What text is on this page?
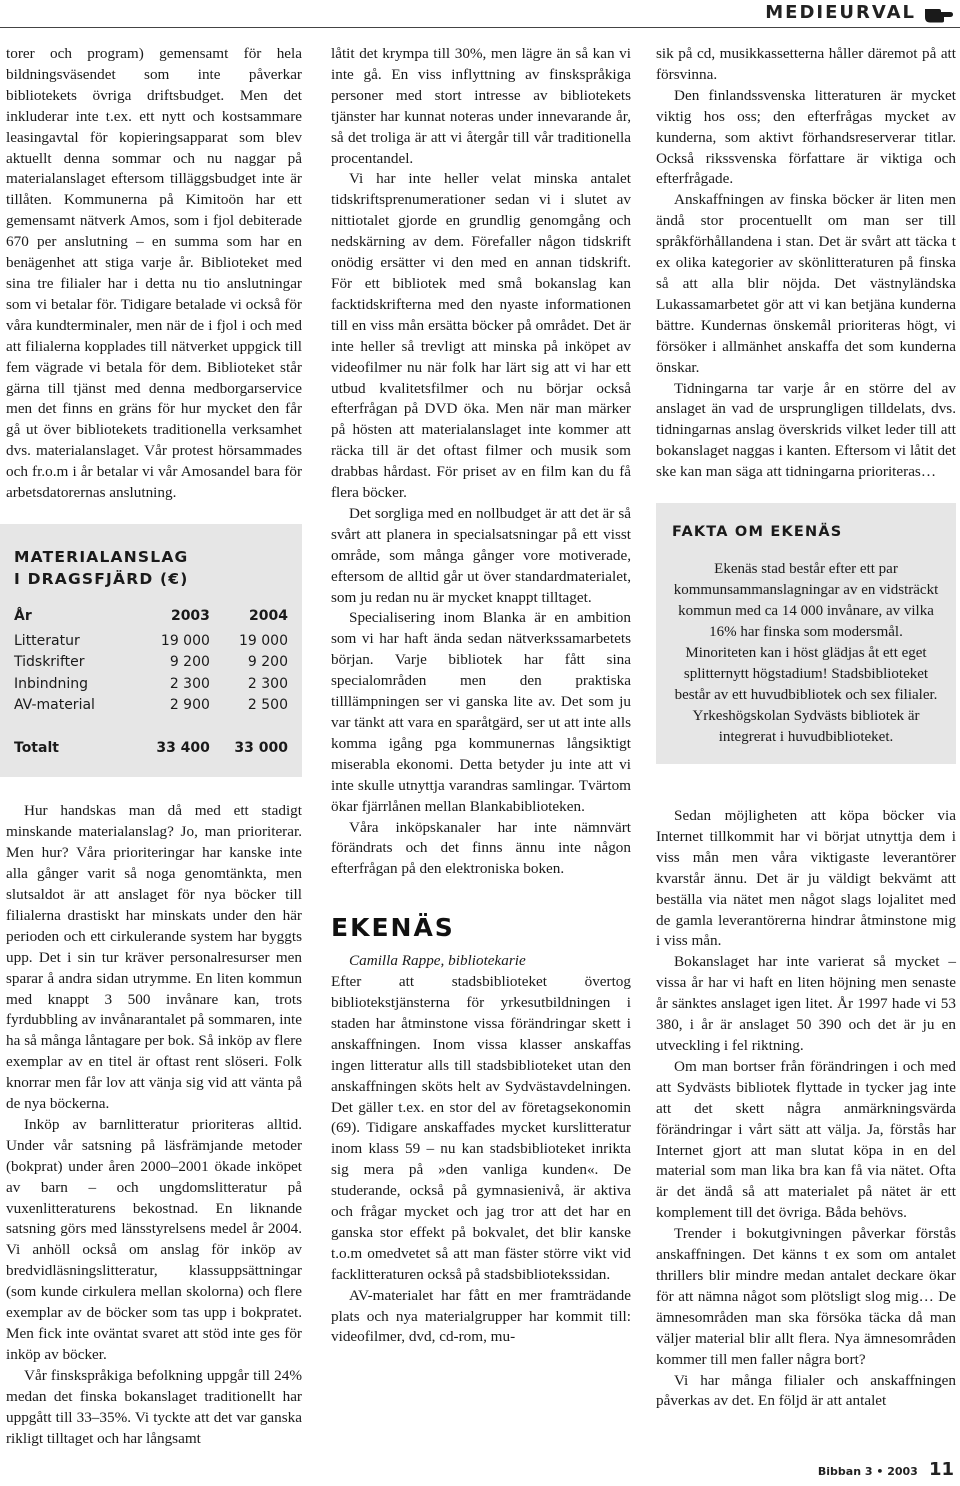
MEDIEURVAL

torer och program) gemensamt för hela bildningsväsendet som inte påverkar bibliotekets övriga driftsbudget. Men det inkluderar inte t.ex. ett nytt och kostsammare leasingavtal för kopieringsapparat som blev aktuellt denna sommar och nu naggar på materialanslaget eftersom tilläggsbudget inte är tillåten. Kommunerna på Kimitoön har ett gemensamt nätverk Amos, som i fjol debiterade 670 per anslutning – en summa som har en benägenhet att stiga varje år. Biblioteket med sina tre filialer har i detta nu tio anslutningar som vi betalar för. Tidigare betalade vi också för våra kundterminaler, men när de i fjol i och med att filialerna kopplades till nätverket uppgick till fem vägrade vi betala för dem. Biblioteket står gärna till tjänst med denna medborgarservice men det finns en gräns för hur mycket den får gå ut över bibliotekets traditionella verksamhet dvs. materialanslaget. Vår protest hörsammades och fr.o.m i år betalar vi vår Amosandel bara för arbetsdatorernas anslutning.

MATERIALANSLAG
I DRAGSFJÄRD (€)
År	2003	2004
Litteratur	19 000	19 000
Tidskrifter	9 200	9 200
Inbindning	2 300	2 300
AV-material	2 900	2 500
Totalt	33 400	33 000

Hur handskas man då med ett stadigt minskande materialanslag? Jo, man prioriterar. Men hur? Våra prioriteringar har kanske inte alla gånger varit så noga genomtänkta, men slutsaldot är att anslaget för nya böcker till filialerna drastiskt har minskats under den här perioden och ett cirkulerande system har byggts upp. Det i sin tur kräver personalresurser men sparar å andra sidan utrymme. En liten kommun med knappt 3 500 invånare kan, trots fyrdubbling av invånarantalet på sommaren, inte ha så många låntagare per bok. Så inköp av flere exemplar av en titel är oftast rent slöseri. Folk knorrar men får lov att vänja sig vid att vänta på de nya böckerna.

Inköp av barnlitteratur prioriteras alltid. Under vår satsning på läsfrämjande metoder (bokprat) under åren 2000–2001 ökade inköpet av barn – och ungdomslitteratur på vuxenlitteraturens bekostnad. En liknande satsning görs med länsstyrelsens medel år 2004. Vi anhöll också om anslag för inköp av bredvidläsningslitteratur, klassuppsättningar (som kunde cirkulera mellan skolorna) och flere exemplar av de böcker som tas upp i bokpratet. Men fick inte oväntat svaret att stöd inte ges för inköp av böcker.

Vår finskspråkiga befolkning uppgår till 24% medan det finska bokanslaget traditionellt har uppgått till 33–35%. Vi tyckte att det var ganska rikligt tilltaget och har långsamt

låtit det krympa till 30%, men lägre än så kan vi inte gå. En viss inflyttning av finskspråkiga personer med stort intresse av bibliotekets tjänster har kunnat noteras under innevarande år, så det troliga är att vi återgår till vår traditionella procentandel.

Vi har inte heller velat minska antalet tidskriftsprenumerationer sedan vi i slutet av nittiotalet gjorde en grundlig genomgång och nedskärning av dem. Förefaller någon tidskrift onödig ersätter vi den med en annan tidskrift. För ett bibliotek med små bokanslag kan facktidskrifterna med den nyaste informationen till en viss mån ersätta böcker på området. Det är inte heller så trevligt att minska på inköpet av videofilmer nu när folk har lärt sig att vi har ett utbud kvalitetsfilmer och nu börjar också efterfrågan på DVD öka. Men när man märker på hösten att materialanslaget inte kommer att räcka till är det oftast filmer och musik som drabbas hårdast. För priset av en film kan du få flera böcker.

Det sorgliga med en nollbudget är att det är så svårt att planera in specialsatsningar på ett visst område, som många gånger vore motiverade, eftersom de alltid går ut över standardmaterialet, som ju redan nu är mycket knappt tilltaget.

Specialisering inom Blanka är en ambition som vi har haft ända sedan nätverkssamarbetets början. Varje bibliotek har fått sina specialområden men den praktiska tilllämpningen ser vi ganska lite av. Det som ju var tänkt att vara en sparåtgärd, ser ut att inte alls komma igång pga kommunernas långsiktigt miserabla ekonomi. Detta betyder ju inte att vi inte skulle utnyttja varandras samlingar. Tvärtom ökar fjärrlånen mellan Blankabiblioteken.

Våra inköpskanaler har inte nämnvärt förändrats och det finns ännu inte någon efterfrågan på den elektroniska boken.

EKENÄS

Camilla Rappe, bibliotekarie

Efter att stadsbiblioteket övertog bibliotekstjänsterna för yrkesutbildningen i staden har åtminstone vissa förändringar skett i anskaffningen. Inom vissa klasser anskaffas ingen litteratur alls till stadsbiblioteket utan den anskaffningen sköts helt av Sydvästavdelningen. Det gäller t.ex. en stor del av företagsekonomin (69). Tidigare anskaffades mycket kurslitteratur inom klass 59 – nu kan stadsbiblioteket inrikta sig mera på »den vanliga kunden«. De studerande, också på gymnasienivå, är aktiva och frågar mycket och jag tror att det har en ganska stor effekt på bokvalet, det blir kanske t.o.m omedvetet så att man fäster större vikt vid facklitteraturen också på stadsbibliotekssidan.

AV-materialet har fått en mer framträdande plats och nya materialgrupper har kommit till: videofilmer, dvd, cd-rom, mu-

sik på cd, musikkassetterna håller däremot på att försvinna.

Den finlandssvenska litteraturen är mycket viktig hos oss; den efterfrågas mycket av kunderna, som aktivt förhandsreserverar titlar. Också rikssvenska författare är viktiga och efterfrågade.

Anskaffningen av finska böcker är liten men ändå stor procentuellt om man ser till språkförhållandena i stan. Det är svårt att täcka t ex olika kategorier av skönlitteraturen på finska så att alla blir nöjda. Det västnyländska Lukassamarbetet gör att vi kan betjäna kunderna bättre. Kundernas önskemål prioriteras högt, vi försöker i allmänhet anskaffa det som kunderna önskar.

Tidningarna tar varje år en större del av anslaget än vad de ursprungligen tilldelats, dvs. tidningarnas anslag överskrids vilket leder till att bokanslaget naggas i kanten. Eftersom vi låtit det ske kan man säga att tidningarna prioriteras…

FAKTA OM EKENÄS

Ekenäs stad består efter ett par kommunsammanslagningar av en vidsträckt kommun med ca 14 000 invånare, av vilka 16% har finska som modersmål. Minoriteten kan i höst glädjas åt ett eget splitternytt högstadium! Stadsbiblioteket består av ett huvudbibliotek och sex filialer. Yrkeshögskolan Sydvästs bibliotek är integrerat i huvudbiblioteket.

Sedan möjligheten att köpa böcker via Internet tillkommit har vi börjat utnyttja dem i viss mån men våra viktigaste leverantörer kvarstår ännu. Det är ju väldigt bekvämt att beställa via nätet men något slags lojalitet med de gamla leverantörerna hindrar åtminstone mig i viss mån.

Bokanslaget har inte varierat så mycket – vissa år har vi haft en liten höjning men senaste år sänktes anslaget igen litet. År 1997 hade vi 53 380, i år är anslaget 50 390 och det är ju en utveckling i fel riktning.

Om man bortser från förändringen i och med att Sydvästs bibliotek flyttade in tycker jag inte att det skett några anmärkningsvärda förändringar i vårt sätt att välja. Ja, förstås har Internet gjort att man slutat köpa in en del material som man lika bra kan få via nätet. Ofta är det ändå så att materialet på nätet är ett komplement till det övriga. Båda behövs.

Trender i bokutgivningen påverkar förstås anskaffningen. Det känns t ex som om antalet thrillers blir mindre medan antalet deckare ökar för att nämna något som plötsligt slog mig… De ämnesområden man ska försöka täcka då man väljer material blir allt flera. Nya ämnesområden kommer till men faller några bort?

Vi har många filialer och anskaffningen påverkas av det. En följd är att antalet

Bibban 3 • 2003 11
